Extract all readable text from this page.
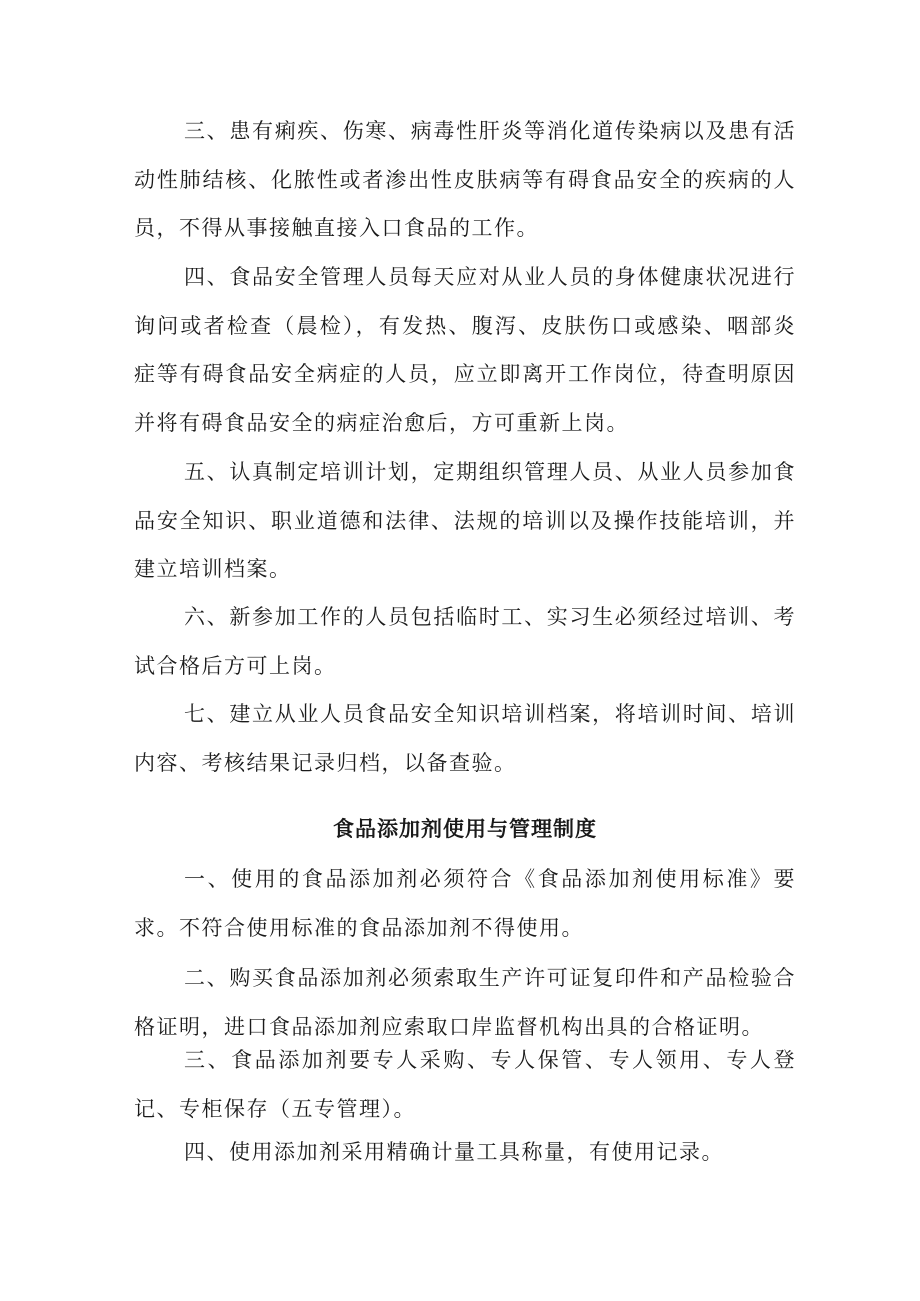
三、患有痢疾、伤寒、病毒性肝炎等消化道传染病以及患有活动性肺结核、化脓性或者渗出性皮肤病等有碍食品安全的疾病的人员，不得从事接触直接入口食品的工作。

四、食品安全管理人员每天应对从业人员的身体健康状况进行询问或者检查（晨检），有发热、腹泻、皮肤伤口或感染、咽部炎症等有碍食品安全病症的人员，应立即离开工作岗位，待查明原因并将有碍食品安全的病症治愈后，方可重新上岗。

五、认真制定培训计划，定期组织管理人员、从业人员参加食品安全知识、职业道德和法律、法规的培训以及操作技能培训，并建立培训档案。

六、新参加工作的人员包括临时工、实习生必须经过培训、考试合格后方可上岗。

七、建立从业人员食品安全知识培训档案，将培训时间、培训内容、考核结果记录归档，以备查验。

食品添加剂使用与管理制度

一、使用的食品添加剂必须符合《食品添加剂使用标准》要求。不符合使用标准的食品添加剂不得使用。

二、购买食品添加剂必须索取生产许可证复印件和产品检验合格证明，进口食品添加剂应索取口岸监督机构出具的合格证明。

三、食品添加剂要专人采购、专人保管、专人领用、专人登记、专柜保存（五专管理）。

四、使用添加剂采用精确计量工具称量，有使用记录。
